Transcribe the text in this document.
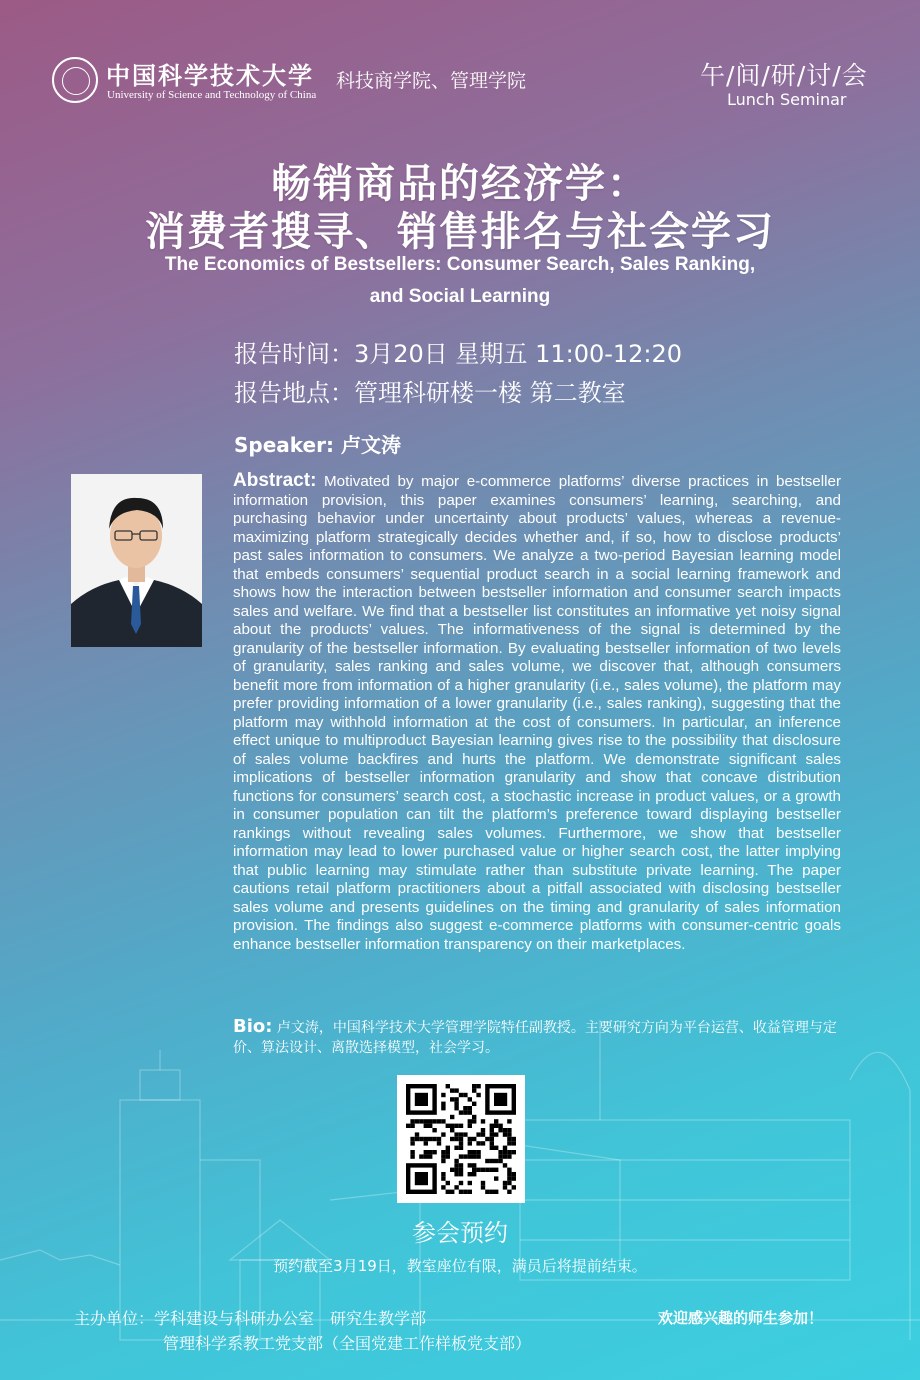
中国科学技术大学
University of Science and Technology of China
科技商学院、管理学院	午/间/研/讨/会
Lunch Seminar
畅销商品的经济学：
消费者搜寻、销售排名与社会学习
The Economics of Bestsellers: Consumer Search, Sales Ranking,
and Social Learning
报告时间：3月20日 星期五 11:00-12:20
报告地点：管理科研楼一楼 第二教室
Speaker: 卢文涛
Abstract: Motivated by major e-commerce platforms’ diverse practices in bestseller information provision, this paper examines consumers’ learning, searching, and purchasing behavior under uncertainty about products’ values, whereas a revenue-maximizing platform strategically decides whether and, if so, how to disclose products’ past sales information to consumers. We analyze a two-period Bayesian learning model that embeds consumers’ sequential product search in a social learning framework and shows how the interaction between bestseller information and consumer search impacts sales and welfare. We find that a bestseller list constitutes an informative yet noisy signal about the products’ values. The informativeness of the signal is determined by the granularity of the bestseller information. By evaluating bestseller information of two levels of granularity, sales ranking and sales volume, we discover that, although consumers benefit more from information of a higher granularity (i.e., sales volume), the platform may prefer providing information of a lower granularity (i.e., sales ranking), suggesting that the platform may withhold information at the cost of consumers. In particular, an inference effect unique to multiproduct Bayesian learning gives rise to the possibility that disclosure of sales volume backfires and hurts the platform. We demonstrate significant sales implications of bestseller information granularity and show that concave distribution functions for consumers’ search cost, a stochastic increase in product values, or a growth in consumer population can tilt the platform’s preference toward displaying bestseller rankings without revealing sales volumes. Furthermore, we show that bestseller information may lead to lower purchased value or higher search cost, the latter implying that public learning may stimulate rather than substitute private learning. The paper cautions retail platform practitioners about a pitfall associated with disclosing bestseller sales volume and presents guidelines on the timing and granularity of sales information provision. The findings also suggest e-commerce platforms with consumer-centric goals enhance bestseller information transparency on their marketplaces.
Bio: 卢文涛，中国科学技术大学管理学院特任副教授。主要研究方向为平台运营、收益管理与定价、算法设计、离散选择模型，社会学习。
参会预约
预约截至3月19日，教室座位有限，满员后将提前结束。
主办单位：学科建设与科研办公室　研究生教学部
管理科学系教工党支部（全国党建工作样板党支部）
欢迎感兴趣的师生参加！
